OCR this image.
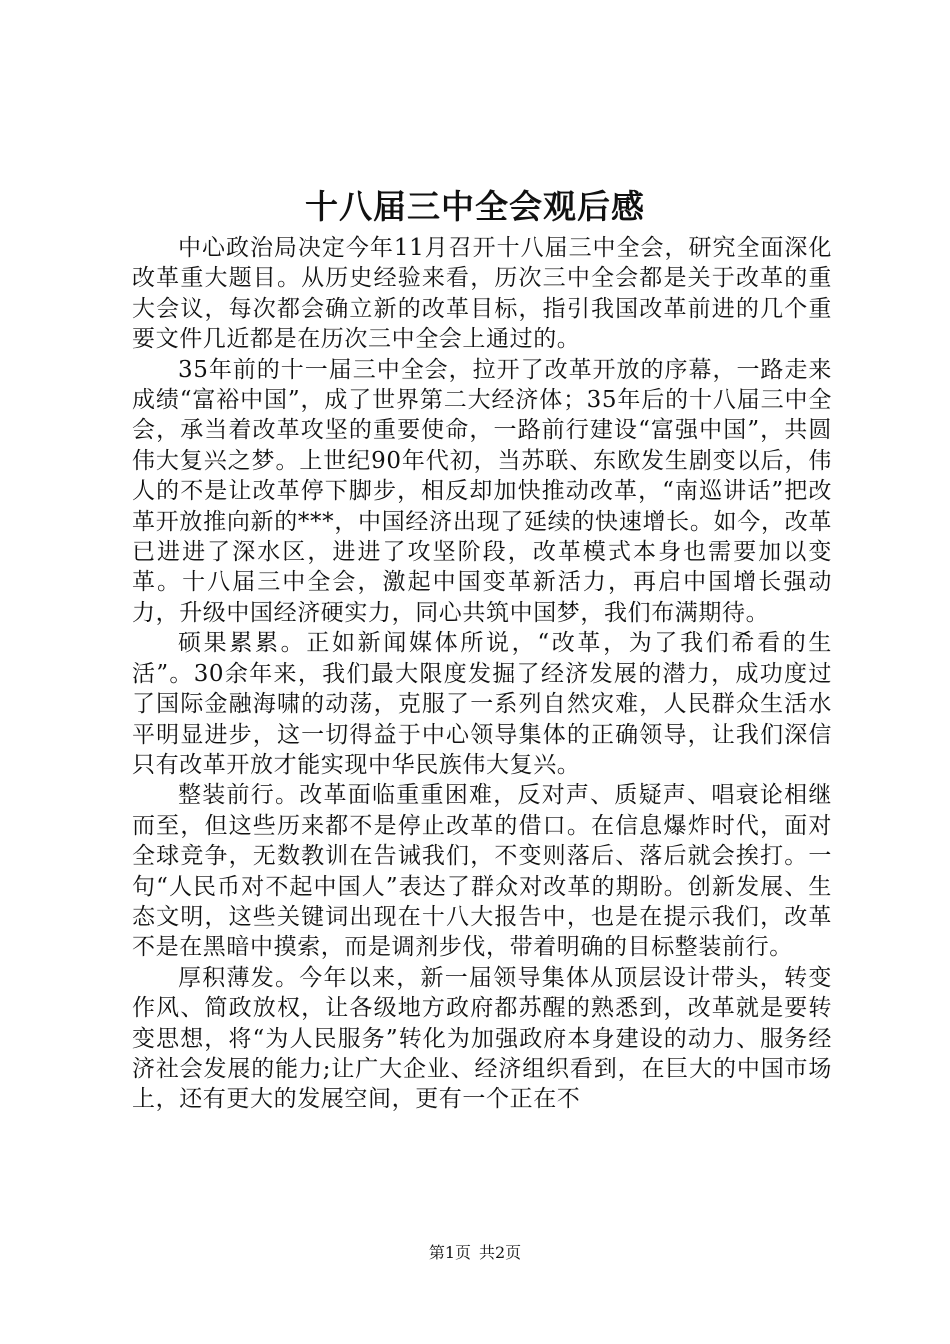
十八届三中全会观后感

中心政治局决定今年11月召开十八届三中全会，研究全面深化改革重大题目。从历史经验来看，历次三中全会都是关于改革的重大会议，每次都会确立新的改革目标，指引我国改革前进的几个重要文件几近都是在历次三中全会上通过的。

35年前的十一届三中全会，拉开了改革开放的序幕，一路走来成绩“富裕中国”，成了世界第二大经济体；35年后的十八届三中全会，承当着改革攻坚的重要使命，一路前行建设“富强中国”，共圆伟大复兴之梦。上世纪90年代初，当苏联、东欧发生剧变以后，伟人的不是让改革停下脚步，相反却加快推动改革，“南巡讲话”把改革开放推向新的***，中国经济出现了延续的快速增长。如今，改革已进进了深水区，进进了攻坚阶段，改革模式本身也需要加以变革。十八届三中全会，激起中国变革新活力，再启中国增长强动力，升级中国经济硬实力，同心共筑中国梦，我们布满期待。

硕果累累。正如新闻媒体所说，“改革，为了我们希看的生活”。30余年来，我们最大限度发掘了经济发展的潜力，成功度过了国际金融海啸的动荡，克服了一系列自然灾难，人民群众生活水平明显进步，这一切得益于中心领导集体的正确领导，让我们深信只有改革开放才能实现中华民族伟大复兴。

整装前行。改革面临重重困难，反对声、质疑声、唱衰论相继而至，但这些历来都不是停止改革的借口。在信息爆炸时代，面对全球竞争，无数教训在告诫我们，不变则落后、落后就会挨打。一句“人民币对不起中国人”表达了群众对改革的期盼。创新发展、生态文明，这些关键词出现在十八大报告中，也是在提示我们，改革不是在黑暗中摸索，而是调剂步伐，带着明确的目标整装前行。

厚积薄发。今年以来，新一届领导集体从顶层设计带头，转变作风、简政放权，让各级地方政府都苏醒的熟悉到，改革就是要转变思想，将“为人民服务”转化为加强政府本身建设的动力、服务经济社会发展的能力;让广大企业、经济组织看到，在巨大的中国市场上，还有更大的发展空间，更有一个正在不

第1页 共2页
